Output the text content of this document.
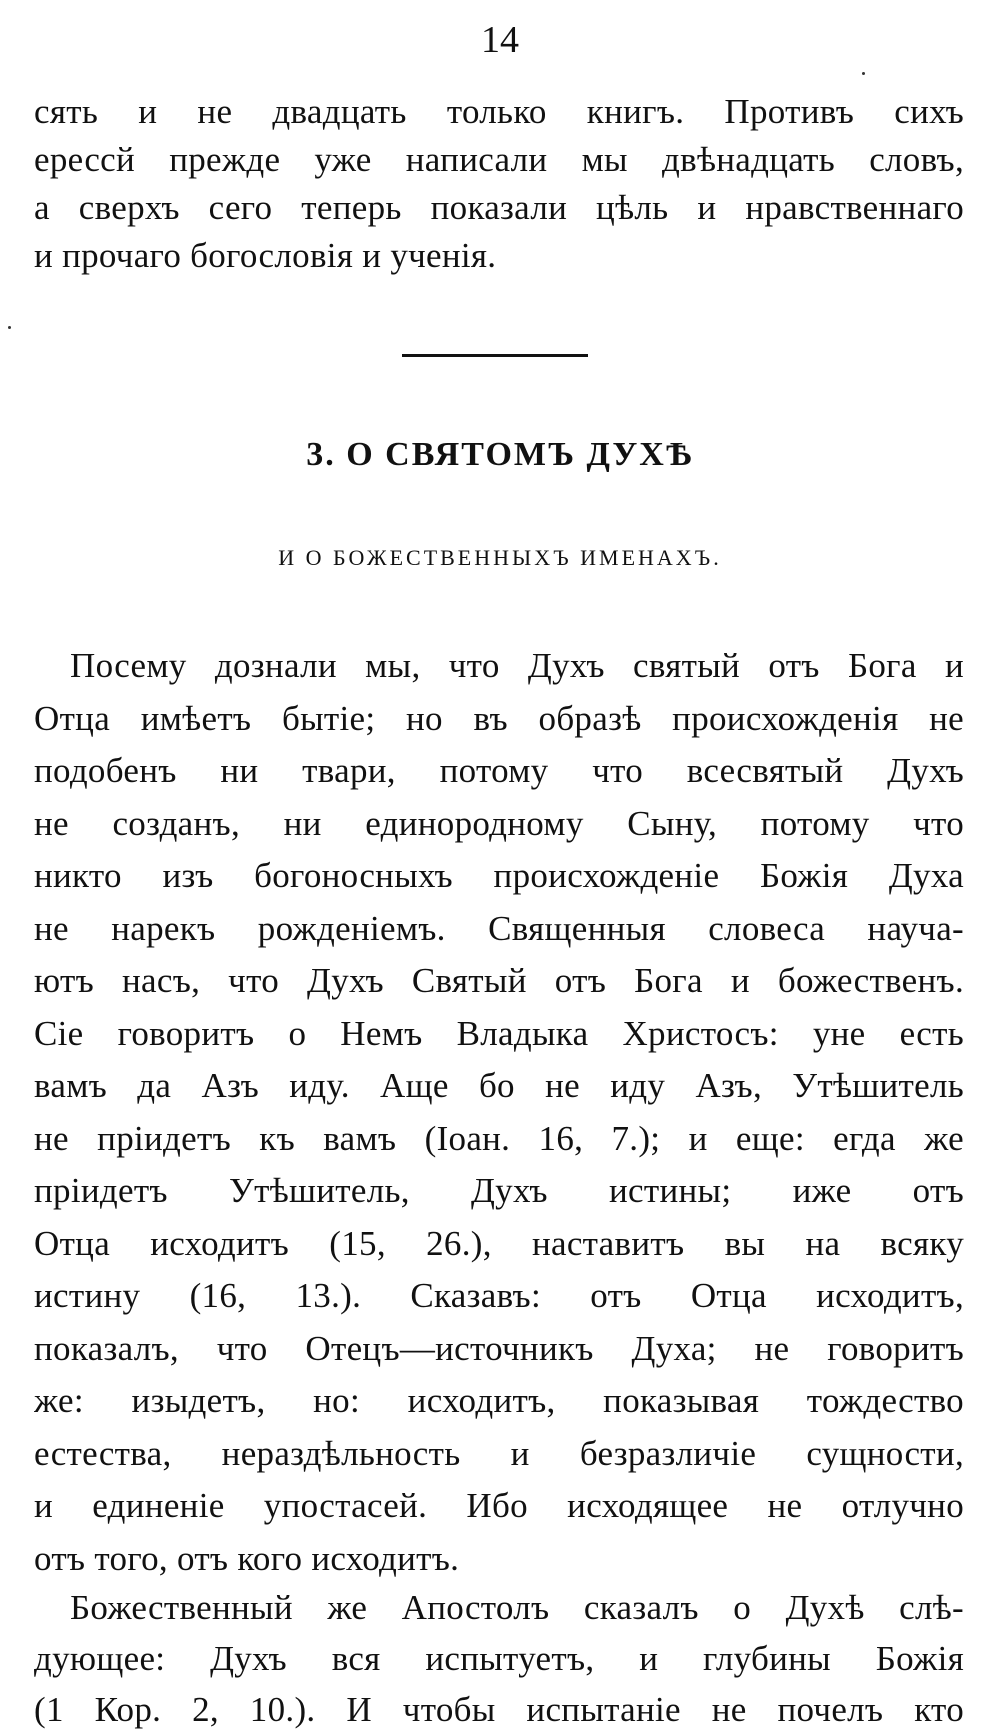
14
сять и не двадцать только книгъ. Противъ сихъ
ерессй прежде уже написали мы двѣнадцать словъ,
а сверхъ сего теперь показали цѣль и нравственнаго
и прочаго богословія и ученія.
3. О СВЯТОМЪ ДУХѢ
И О БОЖЕСТВЕННЫХЪ ИМЕНАХЪ.
Посему дознали мы, что Духъ святый отъ Бога и
Отца имѣетъ бытіе; но въ образѣ происхожденія не
подобенъ ни твари, потому что всесвятый Духъ
не созданъ, ни единородному Сыну, потому что
никто изъ богоносныхъ происхожденіе Божія Духа
не нарекъ рожденіемъ. Священныя словеса науча-
ютъ насъ, что Духъ Святый отъ Бога и божественъ.
Сіе говоритъ о Немъ Владыка Христосъ: уне есть
вамъ да Азъ иду. Аще бо не иду Азъ, Утѣшитель
не пріидетъ къ вамъ (Іоан. 16, 7.); и еще: егда же
пріидетъ Утѣшитель, Духъ истины; иже отъ
Отца исходитъ (15, 26.), наставитъ вы на всяку
истину (16, 13.). Сказавъ: отъ Отца исходитъ,
показалъ, что Отецъ—источникъ Духа; не говоритъ
же: изыдетъ, но: исходитъ, показывая тождество
естества, нераздѣльность и безразличіе сущности,
и единеніе упостасей. Ибо исходящее не отлучно
отъ того, отъ кого исходитъ.
Божественный же Апостолъ сказалъ о Духѣ слѣ-
дующее: Духъ вся испытуетъ, и глубины Божія
(1 Кор. 2, 10.). И чтобы испытаніе не почелъ кто
